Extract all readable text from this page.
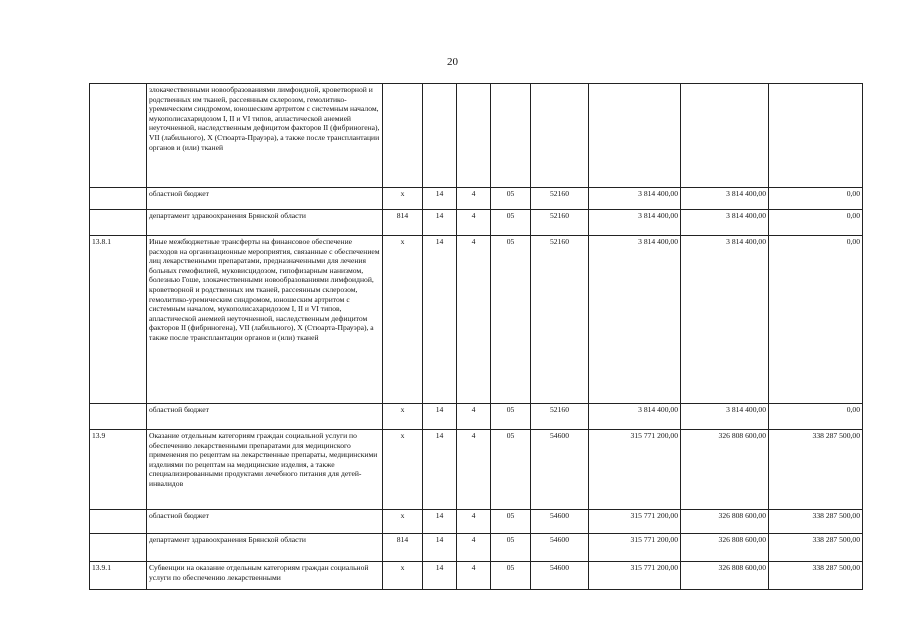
20
	злокачественными новообразованиями лимфоидной, кроветворной и родственных им тканей, рассеянным склерозом, гемолитико-уремическим синдромом, юношеским артритом с системным началом, мукополисахаридозом I, II и VI типов, апластической анемией неуточненной, наследственным дефицитом факторов II (фибриногена), VII (лабильного), X (Стюарта-Прауэра), а также после трансплантации органов и (или) тканей								
	областной бюджет	х	14	4	05	52160	3 814 400,00	3 814 400,00	0,00
	департамент здравоохранения Брянской области	814	14	4	05	52160	3 814 400,00	3 814 400,00	0,00
13.8.1	Иные межбюджетные трансферты на финансовое обеспечение расходов на организационные мероприятия, связанные с обеспечением лиц лекарственными препаратами, предназначенными для лечения больных гемофилией, муковисцидозом, гипофизарным нанизмом, болезнью Гоше, злокачественными новообразованиями лимфоидной, кроветворной и родственных им тканей, рассеянным склерозом, гемолитико-уремическим синдромом, юношеским артритом с системным началом, мукополисахаридозом I, II и VI типов, апластической анемией неуточненной, наследственным дефицитом факторов II (фибриногена), VII (лабильного), X (Стюарта-Прауэра), а также после трансплантации органов и (или) тканей	х	14	4	05	52160	3 814 400,00	3 814 400,00	0,00
	областной бюджет	х	14	4	05	52160	3 814 400,00	3 814 400,00	0,00
13.9	Оказание отдельным категориям граждан социальной услуги по обеспечению лекарственными препаратами для медицинского применения по рецептам на лекарственные препараты, медицинскими изделиями по рецептам на медицинские изделия, а также специализированными продуктами лечебного питания для детей-инвалидов	х	14	4	05	54600	315 771 200,00	326 808 600,00	338 287 500,00
	областной бюджет	х	14	4	05	54600	315 771 200,00	326 808 600,00	338 287 500,00
	департамент здравоохранения Брянской области	814	14	4	05	54600	315 771 200,00	326 808 600,00	338 287 500,00
13.9.1	Субвенции на оказание отдельным категориям граждан социальной услуги по обеспечению лекарственными	х	14	4	05	54600	315 771 200,00	326 808 600,00	338 287 500,00
